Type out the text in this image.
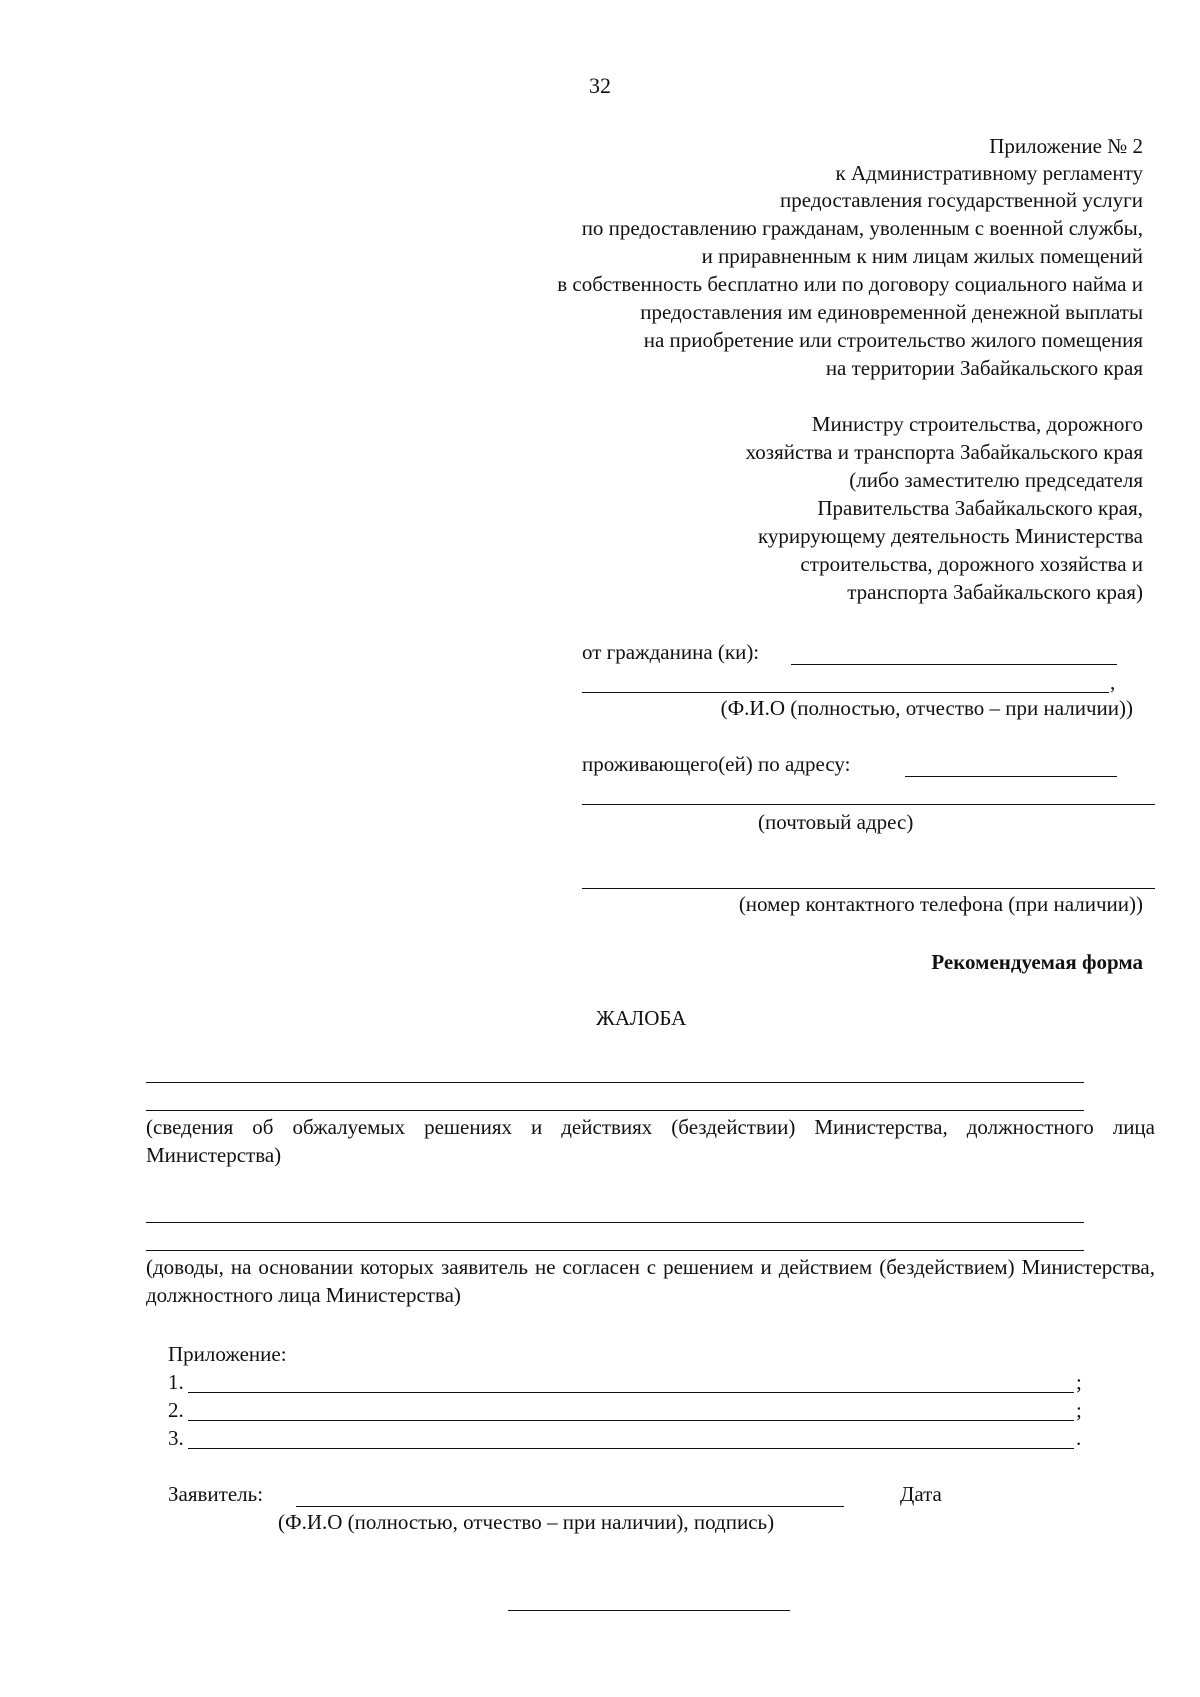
32
Приложение № 2
к Административному регламенту
предоставления государственной услуги
по предоставлению гражданам, уволенным с военной службы,
и приравненным к ним лицам жилых помещений
в собственность бесплатно или по договору социального найма и
предоставления им единовременной денежной выплаты
на приобретение или строительство жилого помещения
на территории Забайкальского края
Министру строительства, дорожного
хозяйства и транспорта Забайкальского края
(либо заместителю председателя
Правительства Забайкальского края,
курирующему деятельность Министерства
строительства, дорожного хозяйства и
транспорта Забайкальского края)
от гражданина (ки):
,
(Ф.И.О (полностью, отчество – при наличии))
проживающего(ей) по адресу:
(почтовый адрес)
(номер контактного телефона (при наличии))
Рекомендуемая форма
ЖАЛОБА
(сведения об обжалуемых решениях и действиях (бездействии) Министерства, должностного лица Министерства)
(доводы, на основании которых заявитель не согласен с решением и действием (бездействием) Министерства, должностного лица Министерства)
Приложение:
1.	;
2.	;
3.	.
Заявитель:	Дата
(Ф.И.О (полностью, отчество – при наличии), подпись)
